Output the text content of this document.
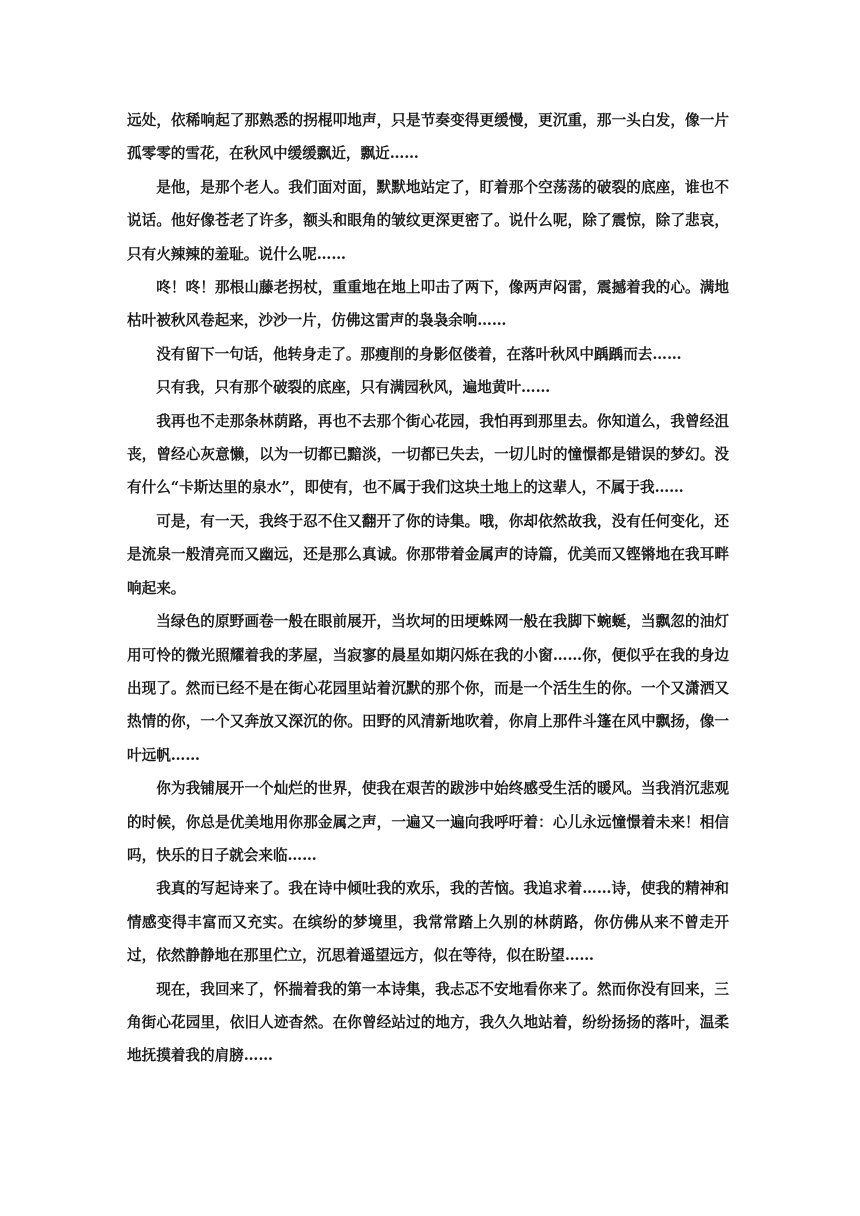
远处，依稀响起了那熟悉的拐棍叩地声，只是节奏变得更缓慢，更沉重，那一头白发，像一片孤零零的雪花，在秋风中缓缓飘近，飘近……

是他，是那个老人。我们面对面，默默地站定了，盯着那个空荡荡的破裂的底座，谁也不说话。他好像苍老了许多，额头和眼角的皱纹更深更密了。说什么呢，除了震惊，除了悲哀，只有火辣辣的羞耻。说什么呢……

咚！咚！那根山藤老拐杖，重重地在地上叩击了两下，像两声闷雷，震撼着我的心。满地枯叶被秋风卷起来，沙沙一片，仿佛这雷声的袅袅余响……

没有留下一句话，他转身走了。那瘦削的身影伛偻着，在落叶秋风中踽踽而去……

只有我，只有那个破裂的底座，只有满园秋风，遍地黄叶……

我再也不走那条林荫路，再也不去那个街心花园，我怕再到那里去。你知道么，我曾经沮丧，曾经心灰意懒，以为一切都已黯淡，一切都已失去，一切儿时的憧憬都是错误的梦幻。没有什么“卡斯达里的泉水”，即使有，也不属于我们这块土地上的这辈人，不属于我……

可是，有一天，我终于忍不住又翻开了你的诗集。哦，你却依然故我，没有任何变化，还是流泉一般清亮而又幽远，还是那么真诚。你那带着金属声的诗篇，优美而又铿锵地在我耳畔响起来。

当绿色的原野画卷一般在眼前展开，当坎坷的田埂蛛网一般在我脚下蜿蜒，当飘忽的油灯用可怜的微光照耀着我的茅屋，当寂寥的晨星如期闪烁在我的小窗……你，便似乎在我的身边出现了。然而已经不是在街心花园里站着沉默的那个你，而是一个活生生的你。一个又潇洒又热情的你，一个又奔放又深沉的你。田野的风清新地吹着，你肩上那件斗篷在风中飘扬，像一叶远帆……

你为我铺展开一个灿烂的世界，使我在艰苦的跋涉中始终感受生活的暖风。当我消沉悲观的时候，你总是优美地用你那金属之声，一遍又一遍向我呼吁着：心儿永远憧憬着未来！相信吗，快乐的日子就会来临……

我真的写起诗来了。我在诗中倾吐我的欢乐，我的苦恼。我追求着……诗，使我的精神和情感变得丰富而又充实。在缤纷的梦境里，我常常踏上久别的林荫路，你仿佛从来不曾走开过，依然静静地在那里伫立，沉思着遥望远方，似在等待，似在盼望……

现在，我回来了，怀揣着我的第一本诗集，我忐忑不安地看你来了。然而你没有回来，三角街心花园里，依旧人迹杳然。在你曾经站过的地方，我久久地站着，纷纷扬扬的落叶，温柔地抚摸着我的肩膀……
